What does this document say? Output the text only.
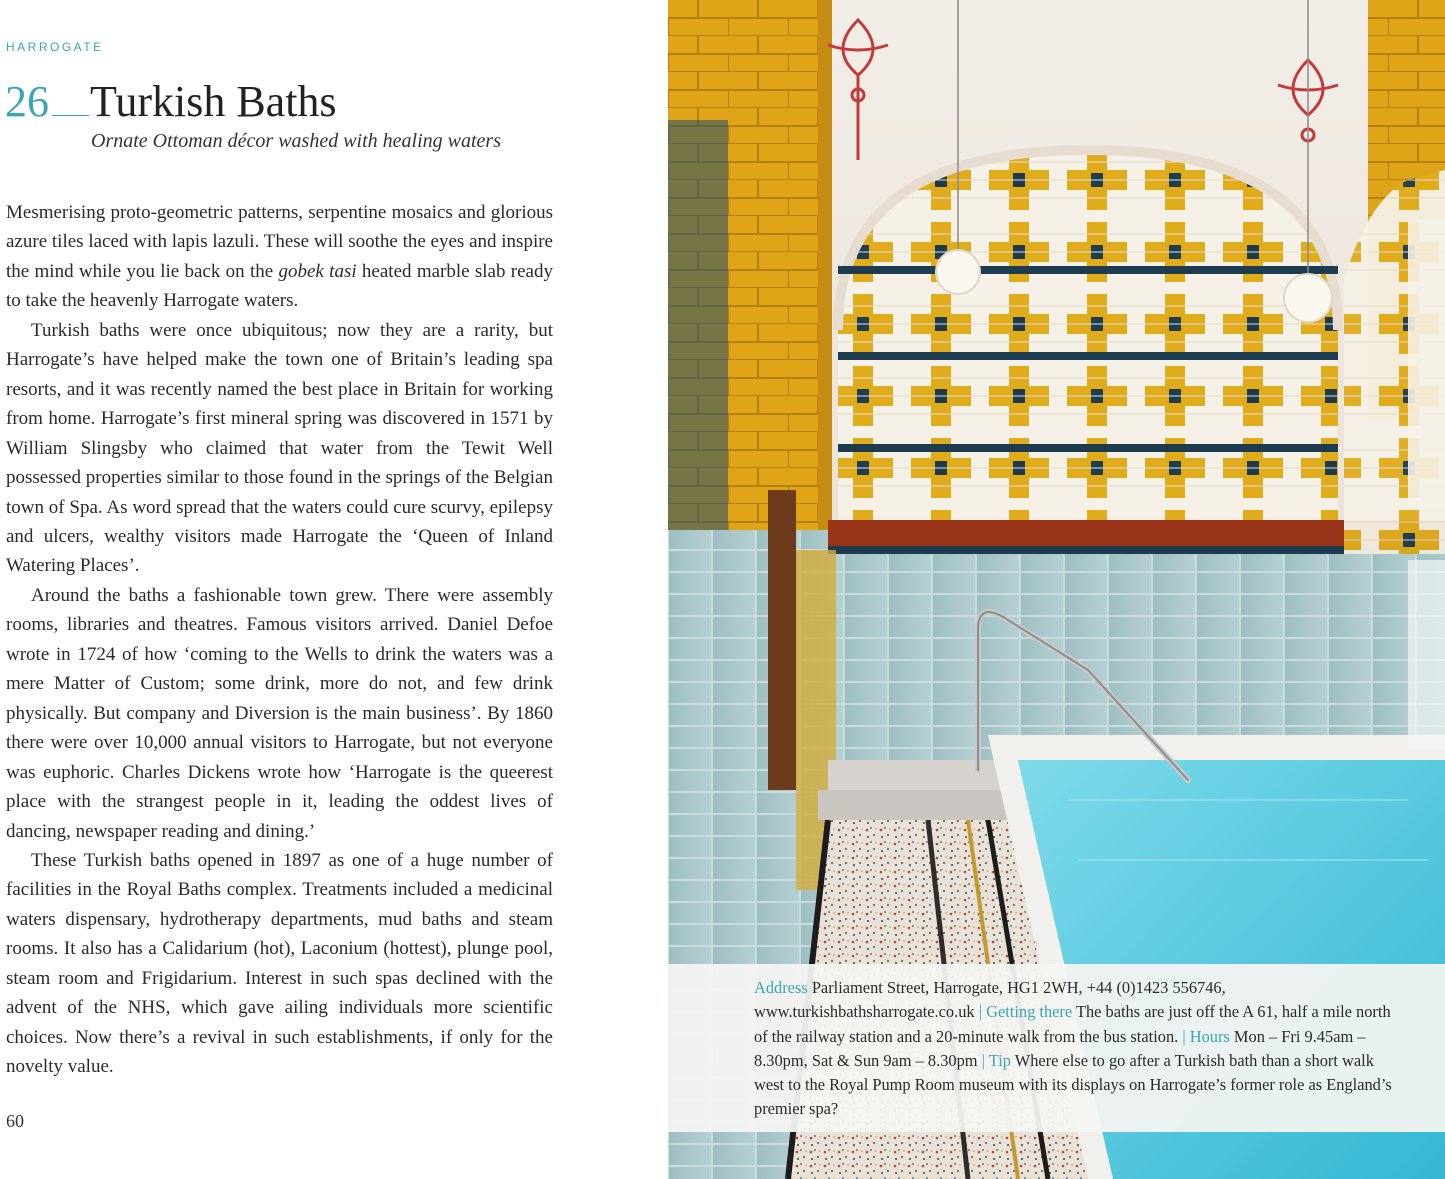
HARROGATE
26 Turkish Baths
Ornate Ottoman décor washed with healing waters

Mesmerising proto-geometric patterns, serpentine mosaics and glorious azure tiles laced with lapis lazuli. These will soothe the eyes and inspire the mind while you lie back on the gobek tasi heated marble slab ready to take the heavenly Harrogate waters.

Turkish baths were once ubiquitous; now they are a rarity, but Harrogate’s have helped make the town one of Britain’s leading spa resorts, and it was recently named the best place in Britain for working from home. Harrogate’s first mineral spring was discovered in 1571 by William Slingsby who claimed that water from the Tewit Well possessed properties similar to those found in the springs of the Belgian town of Spa. As word spread that the waters could cure scurvy, epilepsy and ulcers, wealthy visitors made Harrogate the ‘Queen of Inland Watering Places’.

Around the baths a fashionable town grew. There were assembly rooms, libraries and theatres. Famous visitors arrived. Daniel Defoe wrote in 1724 of how ‘coming to the Wells to drink the waters was a mere Matter of Custom; some drink, more do not, and few drink physically. But company and Diversion is the main business’. By 1860 there were over 10,000 annual visitors to Harrogate, but not everyone was euphoric. Charles Dickens wrote how ‘Harrogate is the queerest place with the strangest people in it, leading the oddest lives of dancing, newspaper reading and dining.’

These Turkish baths opened in 1897 as one of a huge number of facilities in the Royal Baths complex. Treatments included a medicinal waters dispensary, hydrotherapy departments, mud baths and steam rooms. It also has a Calidarium (hot), Laconium (hottest), plunge pool, steam room and Frigidarium. Interest in such spas declined with the advent of the NHS, which gave ailing individuals more scientific choices. Now there’s a revival in such establishments, if only for the novelty value.

60
Address Parliament Street, Harrogate, HG1 2WH, +44 (0)1423 556746, www.turkishbathsharrogate.co.uk | Getting there The baths are just off the A 61, half a mile north of the railway station and a 20-minute walk from the bus station. | Hours Mon – Fri 9.45am – 8.30pm, Sat & Sun 9am – 8.30pm | Tip Where else to go after a Turkish bath than a short walk west to the Royal Pump Room museum with its displays on Harrogate’s former role as England’s premier spa?
